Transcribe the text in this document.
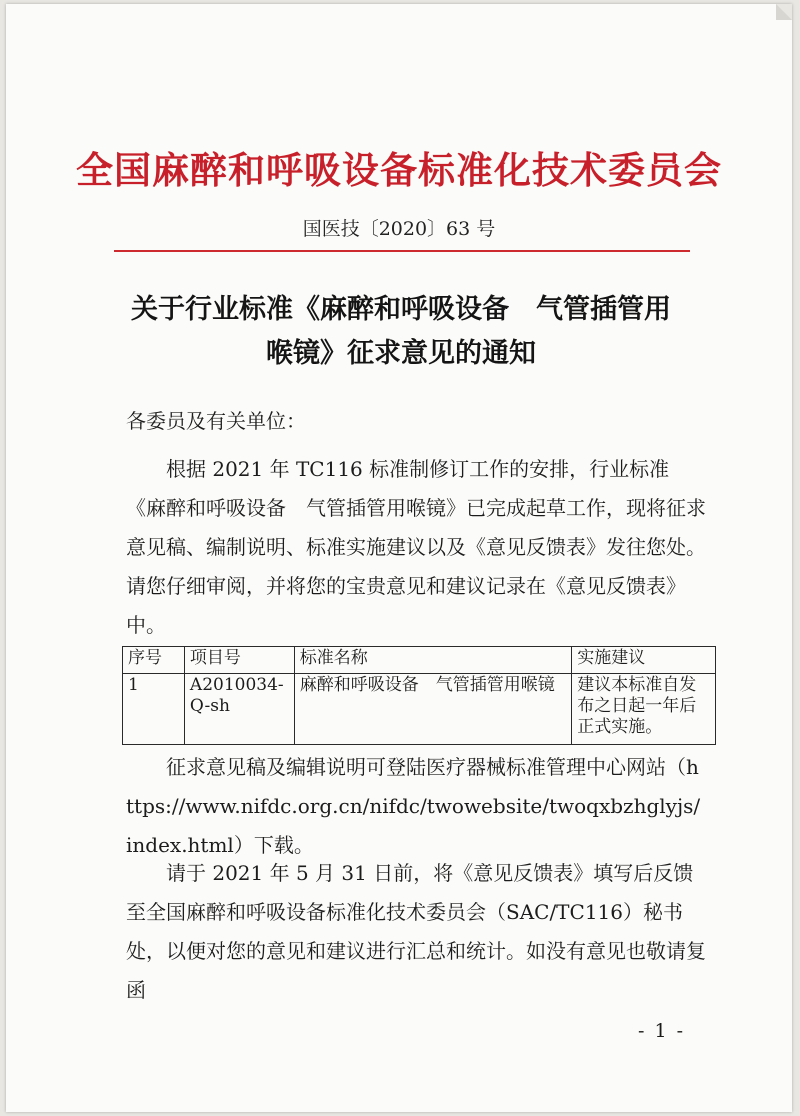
全国麻醉和呼吸设备标准化技术委员会
国医技〔2020〕63 号
关于行业标准《麻醉和呼吸设备　气管插管用
喉镜》征求意见的通知
各委员及有关单位：
根据 2021 年 TC116 标准制修订工作的安排，行业标准《麻醉和呼吸设备　气管插管用喉镜》已完成起草工作，现将征求意见稿、编制说明、标准实施建议以及《意见反馈表》发往您处。请您仔细审阅，并将您的宝贵意见和建议记录在《意见反馈表》中。
序号	项目号	标准名称	实施建议
1	A2010034-Q-sh	麻醉和呼吸设备　气管插管用喉镜	建议本标准自发布之日起一年后正式实施。
征求意见稿及编辑说明可登陆医疗器械标准管理中心网站（https://www.nifdc.org.cn/nifdc/twowebsite/twoqxbzhglyjs/index.html）下载。
请于 2021 年 5 月 31 日前，将《意见反馈表》填写后反馈至全国麻醉和呼吸设备标准化技术委员会（SAC/TC116）秘书处，以便对您的意见和建议进行汇总和统计。如没有意见也敬请复函
- 1 -
